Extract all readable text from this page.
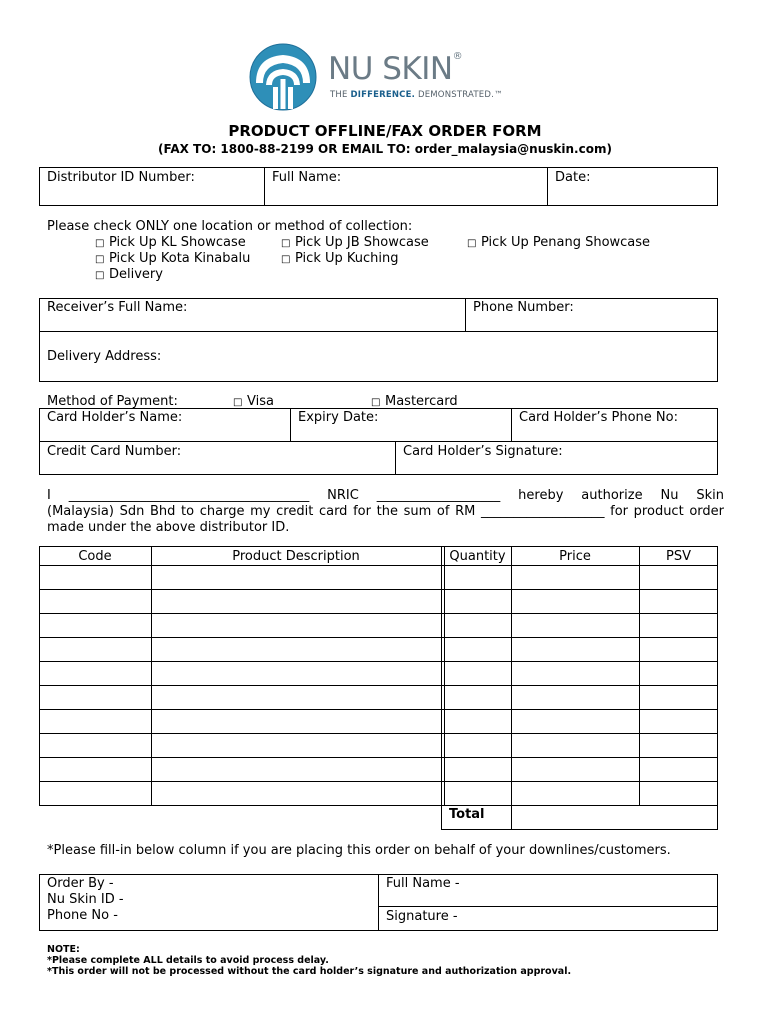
NU SKIN®
THE DIFFERENCE. DEMONSTRATED.™
PRODUCT OFFLINE/FAX ORDER FORM
(FAX TO: 1800-88-2199 OR EMAIL TO: order_malaysia@nuskin.com)
Distributor ID Number:	Full Name:	Date:
Please check ONLY one location or method of collection:
□ Pick Up KL Showcase	□ Pick Up JB Showcase	□ Pick Up Penang Showcase
□ Pick Up Kota Kinabalu	□ Pick Up Kuching
□ Delivery
Receiver’s Full Name:	Phone Number:
Delivery Address:
Method of Payment:	□ Visa	□ Mastercard
Card Holder’s Name:	Expiry Date:	Card Holder’s Phone No:
Credit Card Number:	Card Holder’s Signature:
I _____________________________________ NRIC ___________________ hereby authorize Nu Skin
(Malaysia) Sdn Bhd to charge my credit card for the sum of RM ___________________ for product order
made under the above distributor ID.
Code	Product Description	Quantity	Price	PSV
Total
*Please fill-in below column if you are placing this order on behalf of your downlines/customers.
Order By -
Nu Skin ID -
Phone No -
Full Name -
Signature -
NOTE:
*Please complete ALL details to avoid process delay.
*This order will not be processed without the card holder’s signature and authorization approval.
